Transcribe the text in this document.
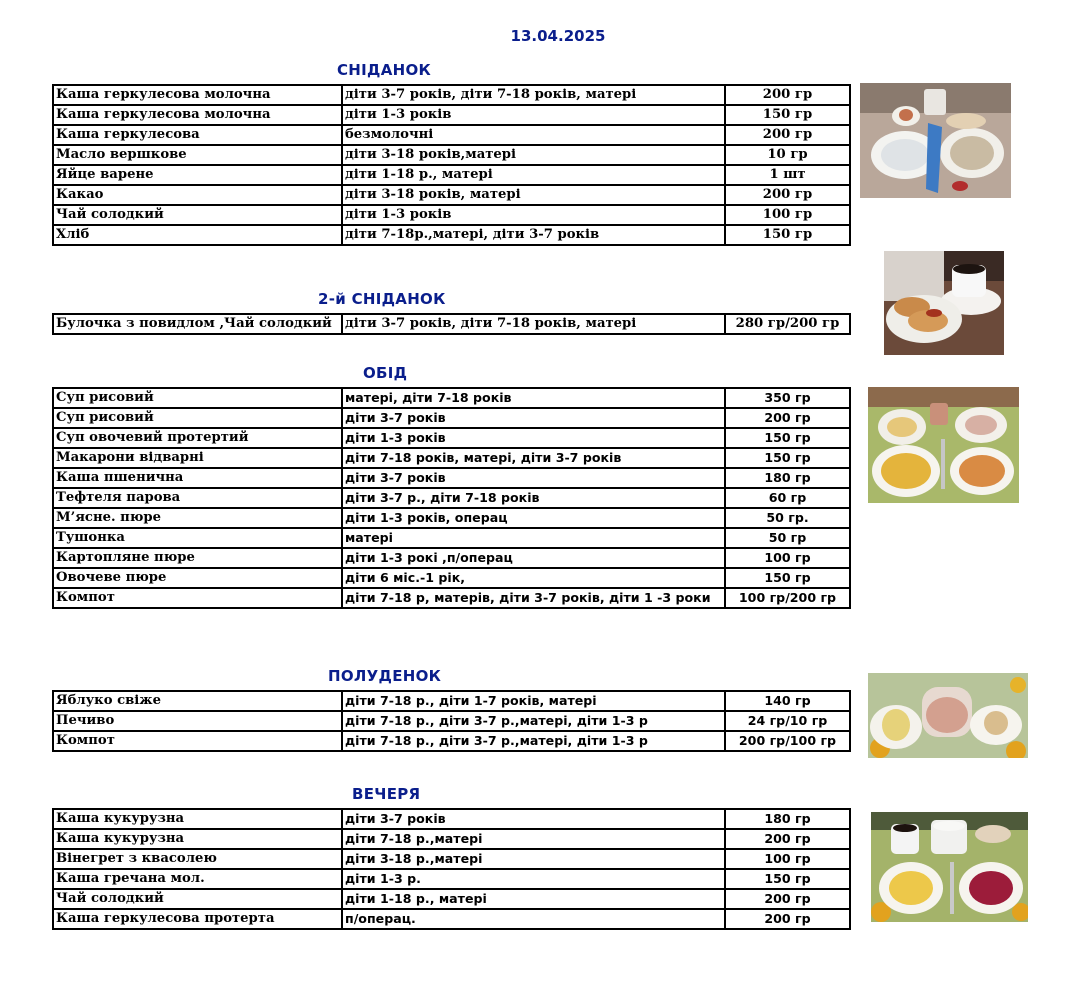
13.04.2025
СНІДАНОК
Каша геркулесова молочна	діти 3-7 років, діти 7-18 років, матері	200 гр
Каша геркулесова молочна	діти 1-3 років	150 гр
Каша геркулесова	безмолочні	200 гр
Масло вершкове	діти 3-18 років,матері	10 гр
Яйце варене	діти 1-18 р., матері	1 шт
Какао	діти 3-18 років, матері	200 гр
Чай солодкий	діти 1-3 років	100 гр
Хліб	діти 7-18р.,матері, діти 3-7 років	150 гр
2-й СНІДАНОК
Булочка з повидлом ,Чай солодкий	діти 3-7 років, діти 7-18 років, матері	280 гр/200 гр
ОБІД
Суп рисовий	матері, діти 7-18 років	350 гр
Суп рисовий	діти 3-7 років	200 гр
Суп овочевий протертий	діти 1-3 років	150 гр
Макарони відварні	діти 7-18 років, матері, діти 3-7 років	150 гр
Каша пшенична	діти 3-7 років	180 гр
Тефтеля парова	діти 3-7 р., діти 7-18 років	60 гр
М’ясне. пюре	діти 1-3 років, операц	50 гр.
Тушонка	матері	50 гр
Картопляне пюре	діти 1-3 рокі ,п/операц	100 гр
Овочеве пюре	діти 6 міс.-1 рік,	150 гр
Компот	діти 7-18 р, матерів, діти 3-7 років, діти 1 -3 роки	100 гр/200 гр
ПОЛУДЕНОК
Яблуко свіже	діти 7-18 р., діти 1-7 років, матері	140 гр
Печиво	діти 7-18 р., діти 3-7 р.,матері, діти 1-3 р	24 гр/10 гр
Компот	діти 7-18 р., діти 3-7 р.,матері, діти 1-3 р	200 гр/100 гр
ВЕЧЕРЯ
Каша кукурузна	діти 3-7 років	180 гр
Каша кукурузна	діти 7-18 р.,матері	200 гр
Вінегрет з квасолею	діти 3-18 р.,матері	100 гр
Каша гречана мол.	діти 1-3 р.	150 гр
Чай солодкий	діти 1-18 р., матері	200 гр
Каша геркулесова протерта	п/операц.	200 гр
